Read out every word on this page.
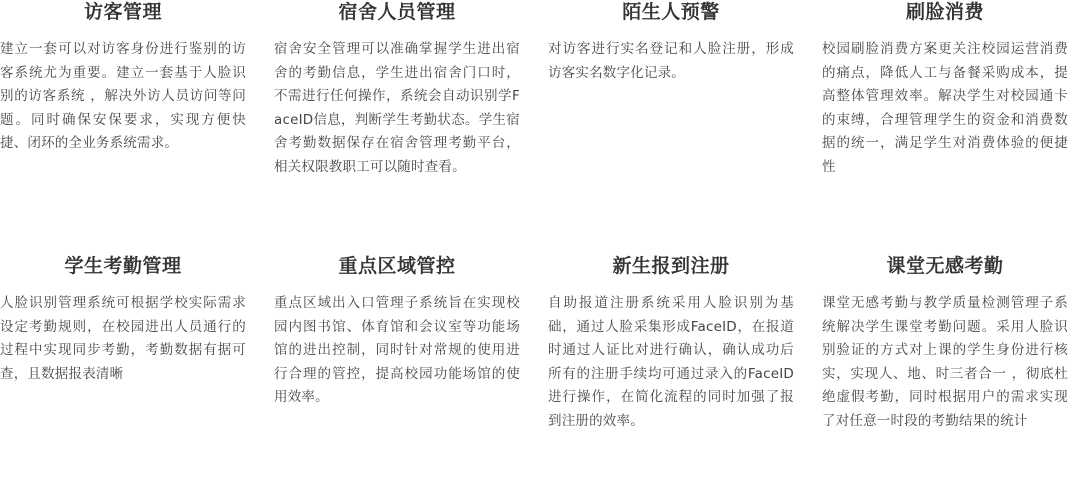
访客管理
建立一套可以对访客身份进行鉴别的访客系统尤为重要。建立一套基于人脸识别的访客系统 ，解决外访人员访问等问题。同时确保安保要求，实现方便快捷、闭环的全业务系统需求。
宿舍人员管理
宿舍安全管理可以准确掌握学生进出宿舍的考勤信息，学生进出宿舍门口时，不需进行任何操作，系统会自动识别学FaceID信息，判断学生考勤状态。学生宿舍考勤数据保存在宿舍管理考勤平台，相关权限教职工可以随时查看。
陌生人预警
对访客进行实名登记和人脸注册，形成访客实名数字化记录。
刷脸消费
校园刷脸消费方案更关注校园运营消费的痛点，降低人工与备餐采购成本，提高整体管理效率。解决学生对校园通卡的束缚，合理管理学生的资金和消费数据的统一，满足学生对消费体验的便捷性
学生考勤管理
人脸识别管理系统可根据学校实际需求设定考勤规则，在校园进出人员通行的过程中实现同步考勤，考勤数据有据可查，且数据报表清晰
重点区域管控
重点区域出入口管理子系统旨在实现校园内图书馆、体育馆和会议室等功能场馆的进出控制，同时针对常规的使用进行合理的管控，提高校园功能场馆的使用效率。
新生报到注册
自助报道注册系统采用人脸识别为基础，通过人脸采集形成FaceID，在报道时通过人证比对进行确认，确认成功后所有的注册手续均可通过录入的FaceID进行操作，在简化流程的同时加强了报到注册的效率。
课堂无感考勤
课堂无感考勤与教学质量检测管理子系统解决学生课堂考勤问题。采用人脸识别验证的方式对上课的学生身份进行核实，实现人、地、时三者合一 ，彻底杜绝虚假考勤，同时根据用户的需求实现了对任意一时段的考勤结果的统计
